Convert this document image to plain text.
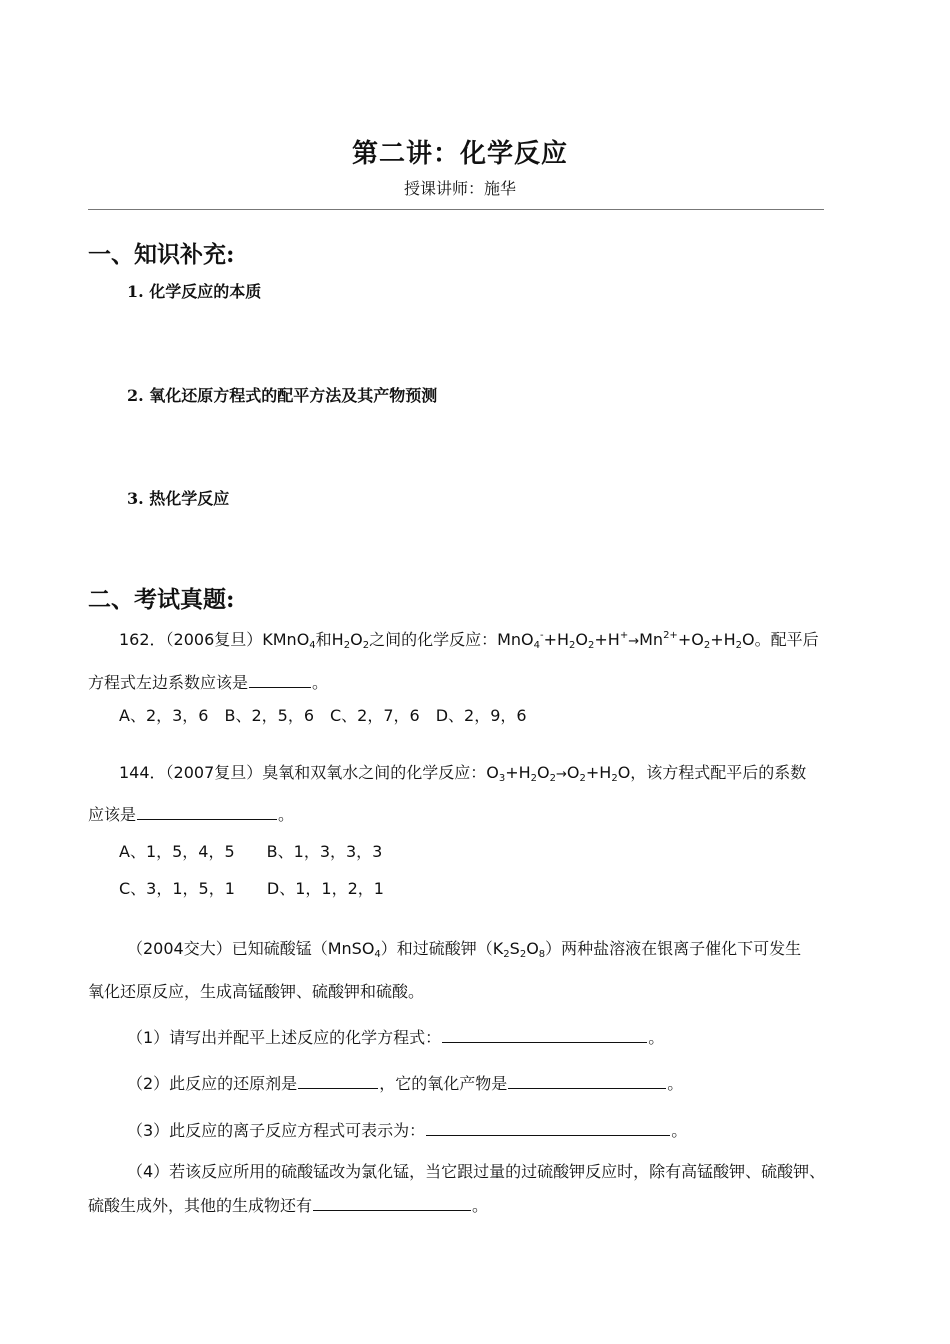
第二讲：化学反应
授课讲师：施华
一、知识补充:
1. 化学反应的本质
2. 氧化还原方程式的配平方法及其产物预测
3. 热化学反应
二、考试真题:
162．（2006复旦）KMnO$_4$和$H_2O_2$之间的化学反应：$MnO_4^-+H_2O_2+H^+\to Mn^{2+}+O_2+H_2O$。配平后
方程式左边系数应该是	。
A、2，3，6　B、2，5，6　C、2，7，6　D、2，9，6
144．（2007复旦）臭氧和双氧水之间的化学反应：$O_3+H_2O_2\to O_2+H_2O$，该方程式配平后的系数
应该是	。
A、1，5，4，5　　B、1，3，3，3
C、3，1，5，1　　D、1，1，2，1
（2004交大）已知硫酸锰（MnSO$_4$）和过硫酸钾$(K_2S_2O_8)$两种盐溶液在银离子催化下可发生
氧化还原反应，生成高锰酸钾、硫酸钾和硫酸。
（1）请写出并配平上述反应的化学方程式：	。
（2）此反应的还原剂是	，它的氧化产物是	。
（3）此反应的离子反应方程式可表示为：	。
（4）若该反应所用的硫酸锰改为氯化锰，当它跟过量的过硫酸钾反应时，除有高锰酸钾、硫酸钾、
硫酸生成外，其他的生成物还有	。
